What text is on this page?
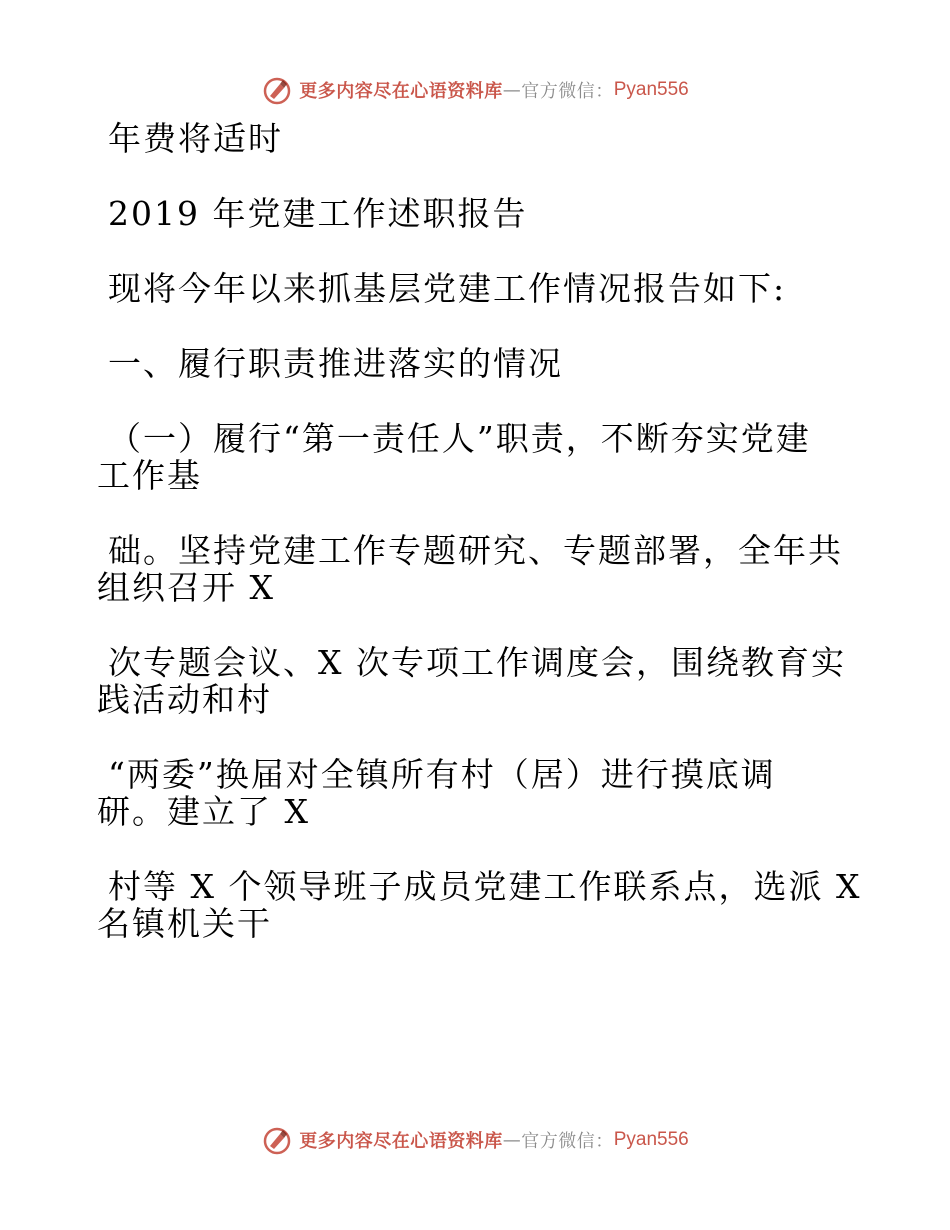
更多内容尽在心语资料库 — 官方微信： Pyan556

年费将适时

2019 年党建工作述职报告

现将今年以来抓基层党建工作情况报告如下:

一、履行职责推进落实的情况

（一）履行“第一责任人”职责，不断夯实党建

工作基

础。坚持党建工作专题研究、专题部署，全年共

组织召开 X

次专题会议、X 次专项工作调度会，围绕教育实

践活动和村

“两委”换届对全镇所有村（居）进行摸底调

研。建立了 X

村等 X 个领导班子成员党建工作联系点，选派 X

名镇机关干

更多内容尽在心语资料库 — 官方微信： Pyan556
